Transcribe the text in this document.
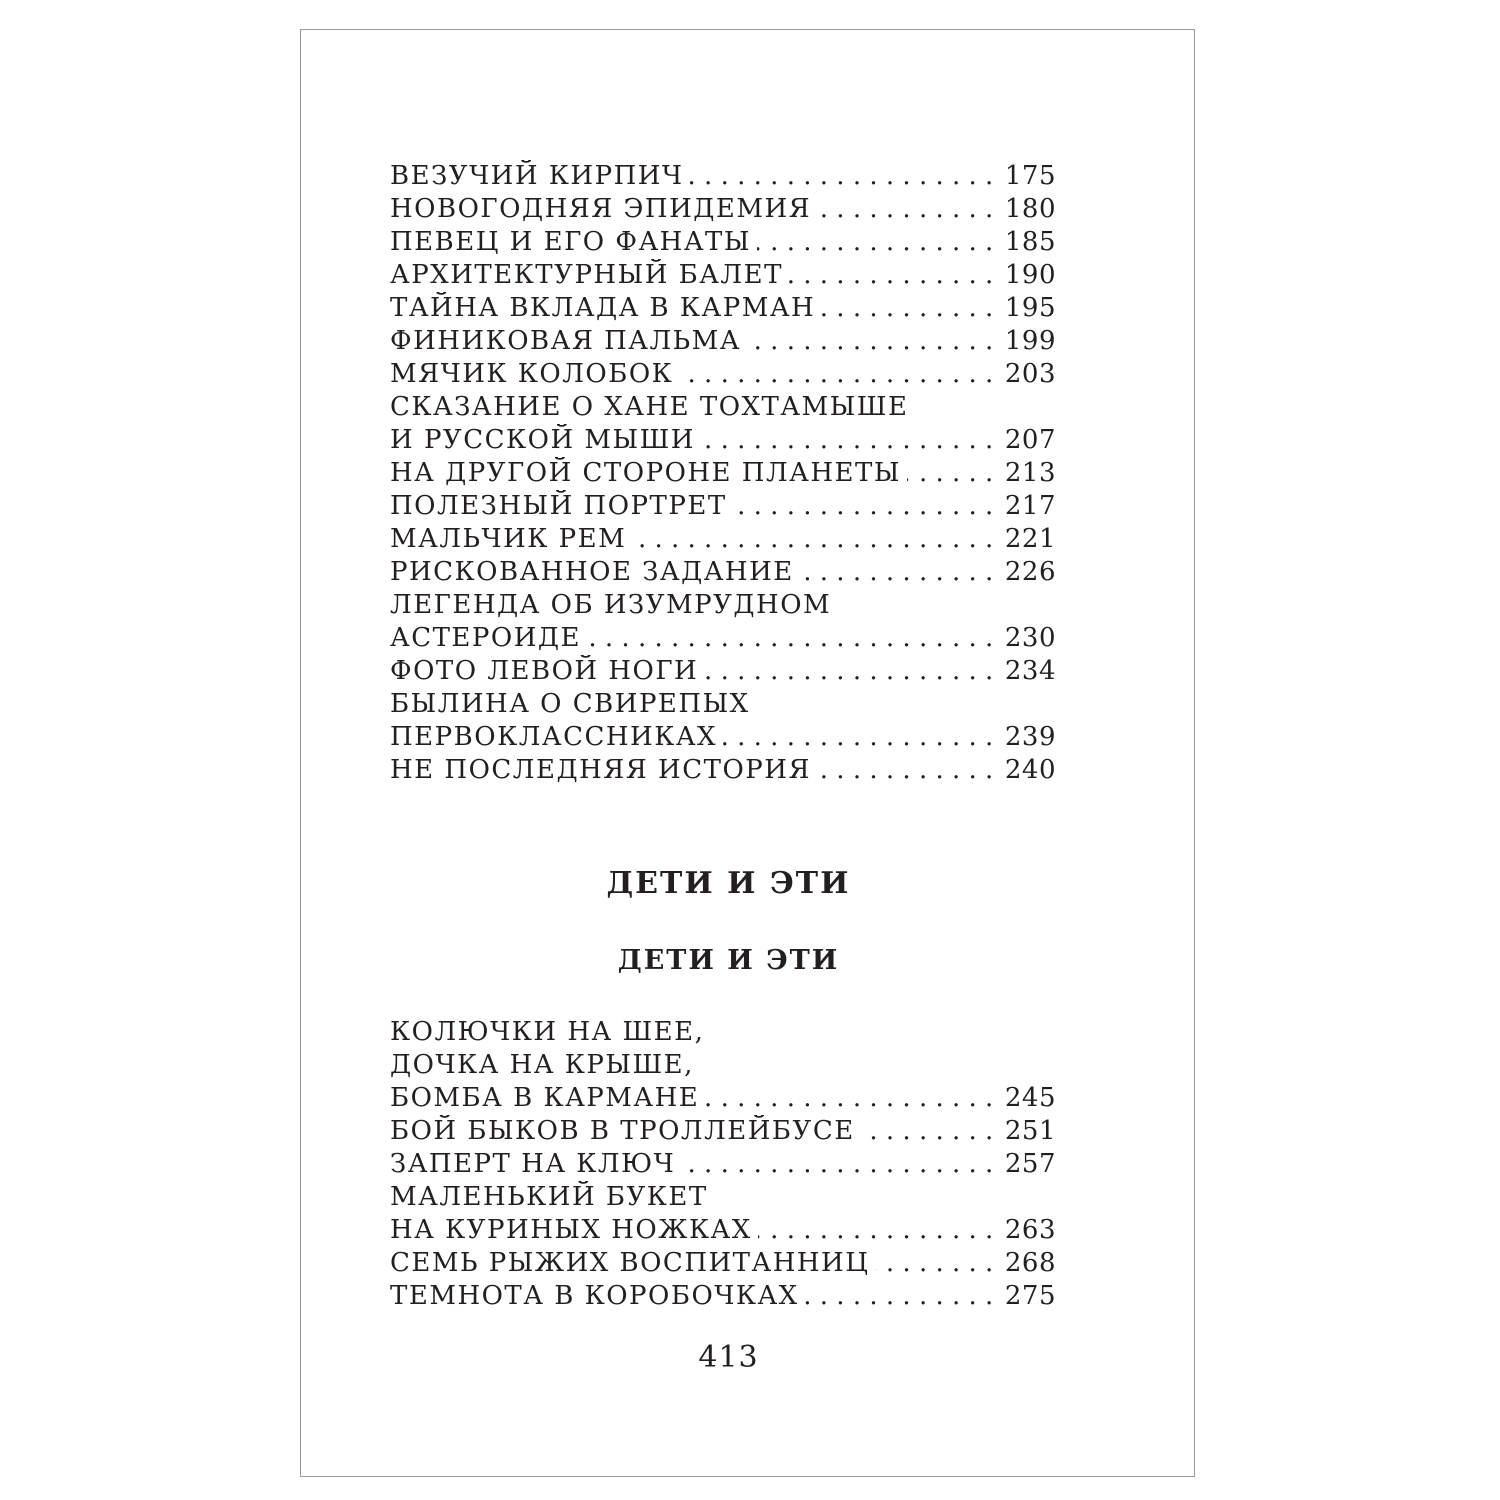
. . . ВЕЗУЧИЙ КИРПИЧ	175
. . . НОВОГОДНЯЯ ЭПИДЕМИЯ	180
. . . ПЕВЕЦ И ЕГО ФАНАТЫ	185
. . . АРХИТЕКТУРНЫЙ БАЛЕТ	190
. . . ТАЙНА ВКЛАДА В КАРМАН	195
. . . ФИНИКОВАЯ ПАЛЬМА	199
. . . МЯЧИК КОЛОБОК	203
СКАЗАНИЕ О ХАНЕ ТОХТАМЫШЕ
. . . И РУССКОЙ МЫШИ	207
. . . НА ДРУГОЙ СТОРОНЕ ПЛАНЕТЫ	213
. . . ПОЛЕЗНЫЙ ПОРТРЕТ	217
. . . МАЛЬЧИК РЕМ	221
. . . РИСКОВАННОЕ ЗАДАНИЕ	226
ЛЕГЕНДА ОБ ИЗУМРУДНОМ
. . . АСТЕРОИДЕ	230
. . . ФОТО ЛЕВОЙ НОГИ	234
БЫЛИНА О СВИРЕПЫХ
. . . ПЕРВОКЛАССНИКАХ	239
. . . НЕ ПОСЛЕДНЯЯ ИСТОРИЯ	240
ДЕТИ И ЭТИ
ДЕТИ И ЭТИ
КОЛЮЧКИ НА ШЕЕ,
ДОЧКА НА КРЫШЕ,
. . . БОМБА В КАРМАНЕ	245
. . . БОЙ БЫКОВ В ТРОЛЛЕЙБУСЕ	251
. . . ЗАПЕРТ НА КЛЮЧ	257
МАЛЕНЬКИЙ БУКЕТ
. . . НА КУРИНЫХ НОЖКАХ	263
. . . СЕМЬ РЫЖИХ ВОСПИТАННИЦ	268
. . . ТЕМНОТА В КОРОБОЧКАХ	275
413
